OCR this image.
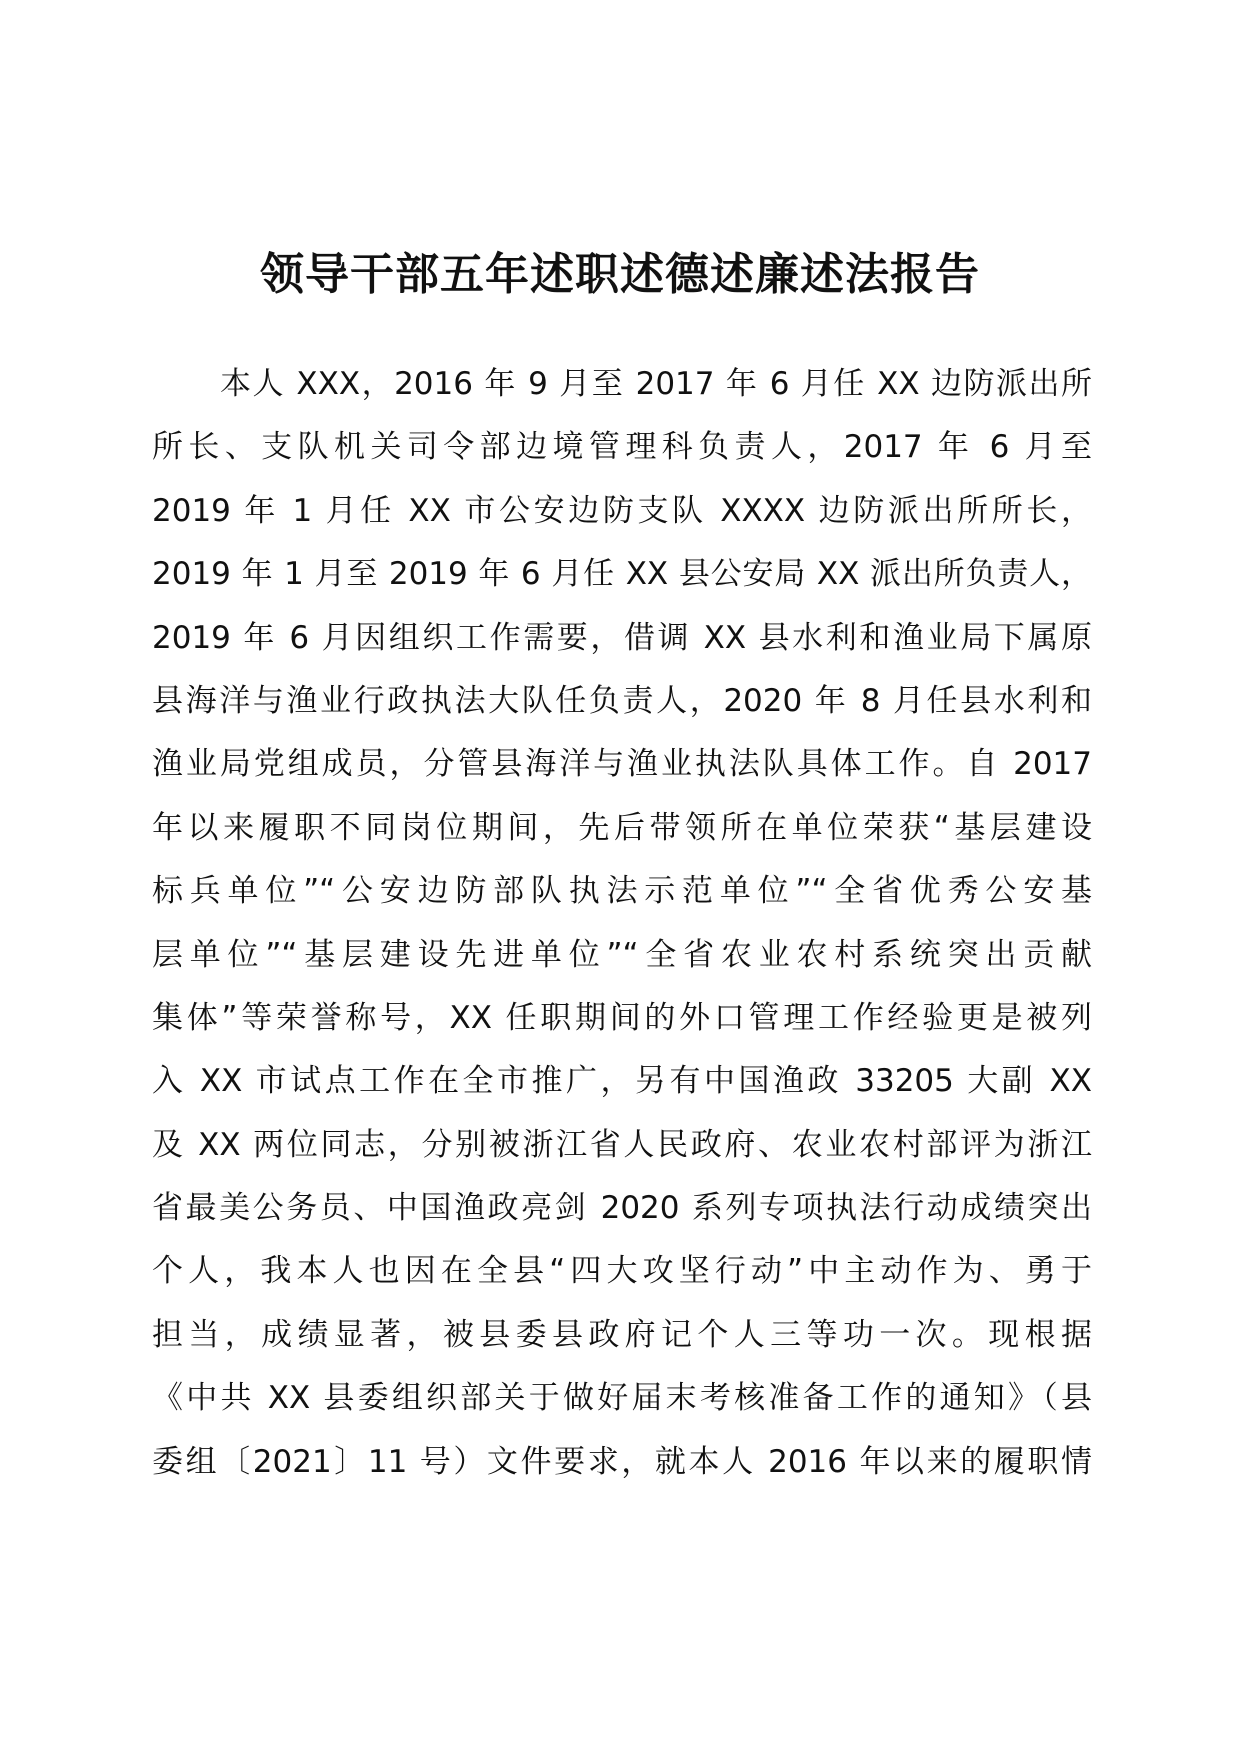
领导干部五年述职述德述廉述法报告
本人 XXX，2016 年 9 月至 2017 年 6 月任 XX 边防派出所
所长、支队机关司令部边境管理科负责人，2017 年 6 月至
2019 年 1 月任 XX 市公安边防支队 XXXX 边防派出所所长，
2019 年 1 月至 2019 年 6 月任 XX 县公安局 XX 派出所负责人，
2019 年 6 月因组织工作需要，借调 XX 县水利和渔业局下属原
县海洋与渔业行政执法大队任负责人，2020 年 8 月任县水利和
渔业局党组成员，分管县海洋与渔业执法队具体工作。自 2017
年以来履职不同岗位期间，先后带领所在单位荣获“基层建设
标兵单位”“公安边防部队执法示范单位”“全省优秀公安基
层单位”“基层建设先进单位”“全省农业农村系统突出贡献
集体”等荣誉称号，XX 任职期间的外口管理工作经验更是被列
入 XX 市试点工作在全市推广，另有中国渔政 33205 大副 XX
及 XX 两位同志，分别被浙江省人民政府、农业农村部评为浙江
省最美公务员、中国渔政亮剑 2020 系列专项执法行动成绩突出
个人，我本人也因在全县“四大攻坚行动”中主动作为、勇于
担当，成绩显著，被县委县政府记个人三等功一次。现根据
《中共 XX 县委组织部关于做好届末考核准备工作的通知》（县
委组〔2021〕11 号）文件要求，就本人 2016 年以来的履职情
